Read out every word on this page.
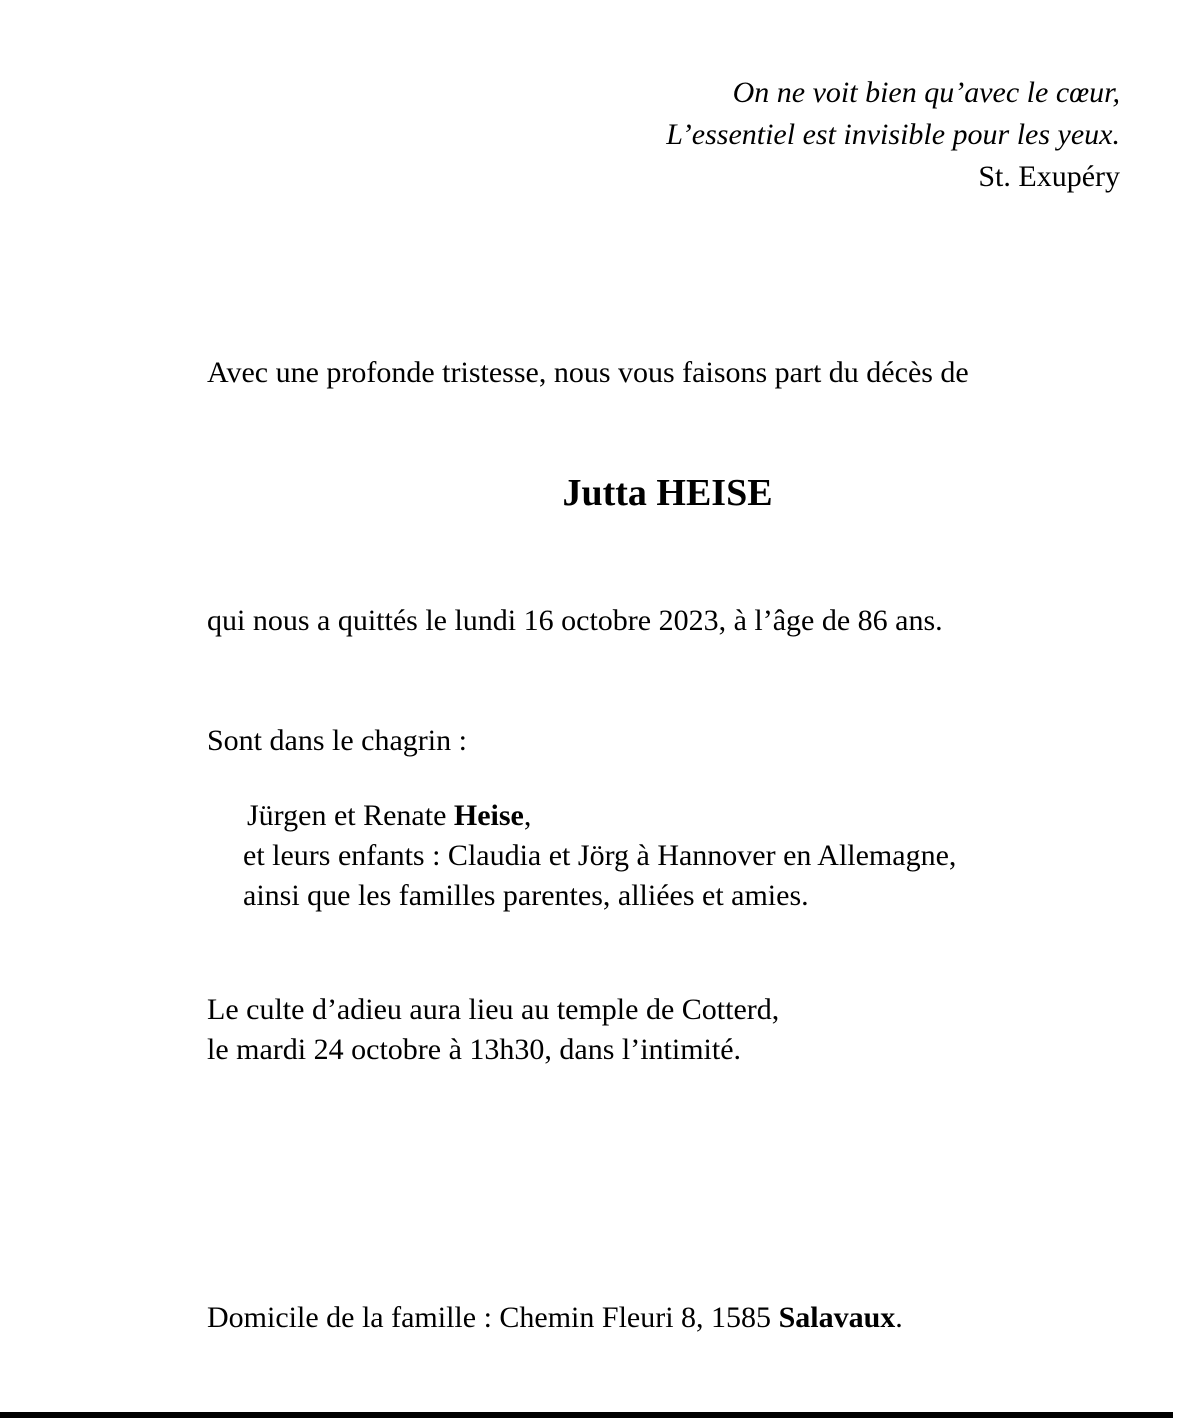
On ne voit bien qu’avec le cœur,
L’essentiel est invisible pour les yeux.
St. Exupéry

Avec une profonde tristesse, nous vous faisons part du décès de

Jutta HEISE

qui nous a quittés le lundi 16 octobre 2023, à l’âge de 86 ans.

Sont dans le chagrin :

Jürgen et Renate Heise,
et leurs enfants : Claudia et Jörg à Hannover en Allemagne,
ainsi que les familles parentes, alliées et amies.
Le culte d’adieu aura lieu au temple de Cotterd,
le mardi 24 octobre à 13h30, dans l’intimité.

Domicile de la famille : Chemin Fleuri 8, 1585 Salavaux.
